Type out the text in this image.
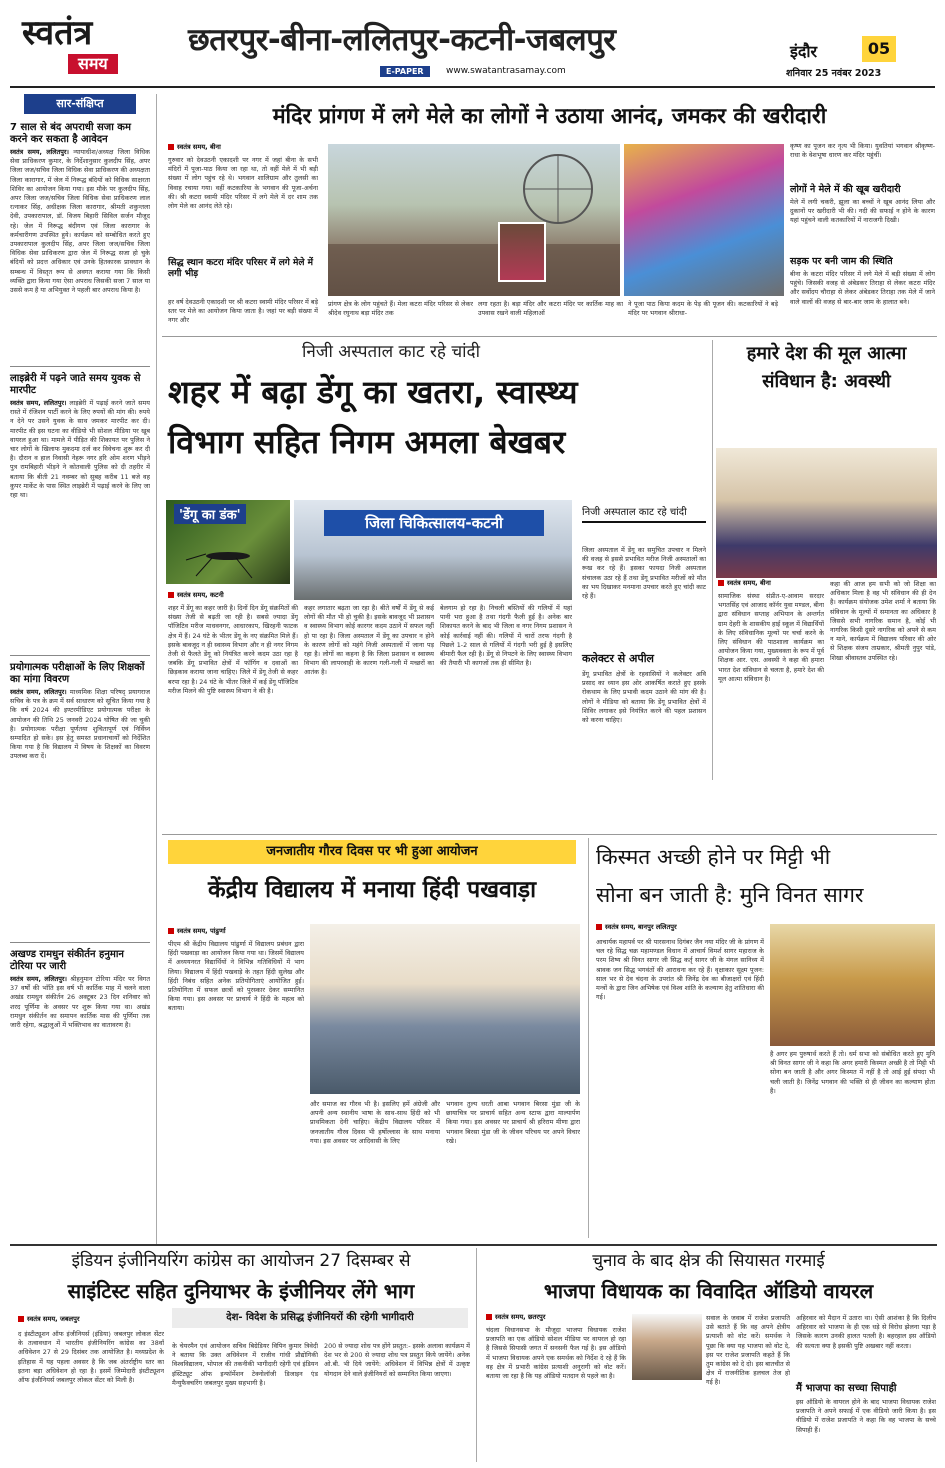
स्वतंत्र
समय
छतरपुर-बीना-ललितपुर-कटनी-जबलपुर
E-PAPER	www.swatantrasamay.com
इंदौर	05
शनिवार 25 नवंबर 2023
सार-संक्षिप्त
7 साल से बंद अपराधी सजा कम करने कर सकता है आवेदन
स्वतंत्र समय, ललितपुर। न्यायाधीश/अध्यक्ष जिला विधिक सेवा प्राधिकरण कुमार, के निर्देशानुसार कुलदीप सिंह, अपर जिला जज/सचिव जिला विधिक सेवा प्राधिकरण की अध्यक्षता जिला कारागार, में जेल में निरूद्ध बंदियों को विधिक साक्षरता शिविर का आयोजन किया गया। इस मौके पर कुलदीप सिंह, अपर जिला जज/सचिव जिला विधिक सेवा प्राधिकरण लाल रत्नाकर सिंह, अधीक्षक जिला कारागार, श्रीमती शकुन्तला देवी, उपकारापाल, डॉ. विजय बिहारी सिविल सर्जन मौजूद रहे। जेल में निरूद्ध बंदीगण एवं जिला कारागार के कर्मचारीगण उपस्थित हुये। कार्यक्रम को सम्बोधित करते हुए उपकारापाल कुलदीप सिंह, अपर जिला जज/सचिव जिला विधिक सेवा प्राधिकरण द्वारा जेल में निरूद्ध सजा हो चुके बंदियों को प्रदत्त अधिकार एवं उनके हितकारक प्रावधान के सम्बन्ध में विस्तृत रूप से अवगत कराया गया कि किसी व्यक्ति द्वारा किया गया ऐसा अपराध जिसकी सजा 7 साल या उससे कम है या अभियुक्त ने पहली बार अपराध किया है।
लाइब्रेरी में पढ़ने जाते समय युवक से मारपीट
स्वतंत्र समय, ललितपुर। लाइब्रेरी में पढ़ाई करने जाते समय रास्ते में रंजिशन पार्टी करने के लिए रुपयों की मांग की। रुपये न देने पर उसने युवक के साथ जमकर मारपीट कर दी। मारपीट की इस घटना का वीडियो भी सोशल मीडिया पर खूब वायरल हुआ था। मामले में पीड़ित की शिकायत पर पुलिस ने चार लोगों के खिलाफ मुकदमा दर्ज कर विवेचना शुरू कर दी है। दौरान व हाल निवासी नेहरू नगर हरि ओम शरण भीड़ने पुत्र रामबिहारी भीड़ने ने कोतवाली पुलिस को दी तहरीर में बताया कि बीती 21 नवम्बर को सुबह करीब 11 बजे वह कुपर मार्केट के पास स्थित लाइब्रेरी में पढ़ाई करने के लिए जा रहा था।
प्रयोगात्मक परीक्षाओं के लिए शिक्षकों का मांगा विवरण
स्वतंत्र समय, ललितपुर। माध्यमिक शिक्षा परिषद् प्रयागराज सचिव के पत्र के क्रम में सर्व साधारण को सूचित किया गया है कि वर्ष 2024 की इण्टरमीडिएट प्रयोगात्मक परीक्षा के आयोजन की तिथि 25 जनवरी 2024 घोषित की जा चुकी है। प्रयोगात्मक परीक्षा पूर्णतया शुचितापूर्ण एवं निर्विघ्न सम्पादित हो सके। इस हेतु समस्त प्रधानाचार्यों को निर्देशित किया गया है कि विद्यालय में विषय के शिक्षकों का विवरण उपलब्ध करा दें।
अखण्ड रामधुन संकीर्तन हनुमान टोरिया पर जारी
स्वतंत्र समय, ललितपुर। श्रीहनुमान टोरिया मंदिर पर विगत 37 वर्षों की भाँति इस वर्ष भी कार्तिक माह में चलने वाला अखंड रामधुन संकीर्तन 26 अक्टूबर 23 दिन शनिवार को शरद पूर्णिमा के अवसर पर शुरू किया गया था। अखंड रामधुन संकीर्तन का समापन कार्तिक मास की पूर्णिमा तक जारी रहेगा, श्रद्धालुओं में भक्तिभाव का वातावरण है।
मंदिर प्रांगण में लगे मेले का लोगों ने उठाया आनंद, जमकर की खरीदारी
स्वतंत्र समय, बीना
गुरुवार को देवउठनी एकादशी पर नगर में जहां बीना के सभी मंदिरों में पूजा-पाठ किया जा रहा था, तो वहीं मेले में भी बड़ी संख्या में लोग पहुंच रहे थे। भगवान शालिग्राम और तुलसी का विवाह रचाया गया। वहीं कटकारिया के भगवान की पूजा-अर्चना की। श्री कटरा स्वामी मंदिर परिसर में लगे मेले में दर शाम तक लोग मेले का आनंद लेते रहे।
सिद्ध स्थान कटरा मंदिर परिसर में लगे मेले में लगी भीड़
हर वर्ष देवउठनी एकादशी पर श्री कटरा स्वामी मंदिर परिसर में बड़े स्तर पर मेले का आयोजन किया जाता है। जहां पर बड़ी संख्या में नगर और
प्रांगण क्षेत्र के लोग पहुंचते हैं। मेला कटरा मंदिर परिसर से लेकर श्रीदेव रघुनाथ बड़ा मंदिर तक
लगा रहता है। बड़ा मंदिर और कटरा मंदिर पर कार्तिक माह का उपवास रखने वाली महिलाओं
ने पूजा पाठ किया कदम के पेड़ की पूजन की। कटकारियों ने बड़े मंदिर पर भगवान श्रीराधा-
कृष्ण का पूजन कर नृत्य भी किया। युवतियां भगवान श्रीकृष्ण-राधा के वेशभूषा धारण कर मंदिर पहुंचीं।
लोगों ने मेले में की खूब खरीदारी
मेले में लगी चकरी, झूला का बच्चों ने खूब आनंद लिया और दुकानों पर खरीदारी भी की। नदी की सफाई न होने के कारण यहां पहुंचने वाली कतकारियों में नाराजगी दिखी।
सड़क पर बनी जाम की स्थिति
बीना के कटरा मंदिर परिसर में लगे मेले में बड़ी संख्या में लोग पहुंचे। जिसकी वजह से अंबेडकर तिराहा से लेकर कटरा मंदिर और सर्वोदय चौराहा से लेकर अंबेडकर तिराहा तक मेले में जाने वाले वालों की वजह से बार-बार जाम के हालात बने।
निजी अस्पताल काट रहे चांदी
शहर में बढ़ा डेंगू का खतरा, स्वास्थ्य
विभाग सहित निगम अमला बेखबर
'डेंगू का डंक'	जिला चिकित्सालय-कटनी
स्वतंत्र समय, कटनी
शहर में डेंगू का कहर जारी है। दिनों दिन डेंगू संक्रमितों की संख्या तेजी से बढ़ती जा रही है। सबसे ज्यादा डेंगू पॉजिटिव मरीज माधवनगर, आधारकाप, खिरहनी फाटक क्षेत्र में हैं। 24 घंटे के भीतर डेंगू के नए संक्रमित मिले हैं। इसके बावजूद न ही स्वास्थ्य विभाग और न ही नगर निगम तेजी से फैलते डेंगू को नियंत्रित करने कदम उठा रहा है जबकि डेंगू प्रभावित क्षेत्रों में फॉगिंग व दवाओं का छिड़काव कराया जाना चाहिए। जिले में डेंगू तेजी से कहर बरपा रहा है। 24 घंटे के भीतर जिले में कई डेंगू पॉजिटिव मरीज मिलने की पुष्टि स्वास्थ्य विभाग ने की है।
कहर लगातार बढ़ता जा रहा है। बीते वर्षों में डेंगू से कई लोगों की मौत भी हो चुकी है। इसके बावजूद भी प्रशासन व स्वास्थ्य विभाग कोई कारगर कदम उठाने में सफल नहीं हो पा रहा है। जिला अस्पताल में डेंगू का उपचार न होने के कारण लोगों को महंगे निजी अस्पतालों में जाना पड़ रहा है। लोगों का कहना है कि जिला प्रशासन व स्वास्थ्य विभाग की लापरवाही के कारण गली-गली में मच्छरों का आतंक है।
बेलगाम हो रहा है। निचली बस्तियों की गलियों में यहां पानी भरा हुआ है तथा गंदगी फैली हुई है। अनेक बार शिकायत करने के बाद भी जिला व नगर निगम प्रशासन ने कोई कार्रवाई नहीं की। गलियों में चारों तरफ गंदगी है पिछले 1-2 साल से गलियों में गंदगी भरी हुई है इसलिए बीमारी फैल रही है। डेंगू से निपटने के लिए स्वास्थ्य विभाग की तैयारी भी कागजों तक ही सीमित है।
निजी अस्पताल काट रहे चांदी
जिला अस्पताल में डेंगू का समुचित उपचार न मिलने की वजह से इससे प्रभावित मरीज निजी अस्पतालों का रूख कर रहे हैं। इसका फायदा निजी अस्पताल संचालक उठा रहे हैं तथा डेंगू प्रभावित मरीजों को मौत का भय दिखाकर मनमाना उपचार करते हुए चांदी काट रहे हैं।
कलेक्टर से अपील
डेंगू प्रभावित क्षेत्रों के रहवासियों ने कलेक्टर अवि प्रसाद का ध्यान इस ओर आकर्षित कराते हुए इसके रोकथाम के लिए प्रभावी कदम उठाने की मांग की है। लोगों ने मीडिया को बताया कि डेंगू प्रभावित क्षेत्रों में शिविर लगाकर इसे नियंत्रित करने की पहल प्रशासन को करना चाहिए।
हमारे देश की मूल आत्मा
संविधान है: अवस्थी
स्वतंत्र समय, बीना
सामाजिक संस्था संप्रीत-ए-आवाम सरदार भगतसिंह एवं आजाद कॉर्नर युवा मण्डल, बीना द्वारा संविधान सप्ताह अभियान के अन्तर्गत ग्राम देहरी के शासकीय हाई स्कूल में विद्यार्थियों के लिए संविधानिक मूल्यों पर चर्चा करने के लिए संविधान की पाठशाला कार्यक्रम का आयोजन किया गया, मुख्यवक्ता के रूप में पूर्व शिक्षक आर. एस. अवस्थी ने कहा की हमारा भारत देश संविधान से चलता है, हमारे देश की मूल आत्मा संविधान है।
कहा की आज हम सभी को जो शिक्षा का अधिकार मिला है वह भी संविधान की ही देन है। कार्यक्रम संयोजक उमेश शर्मा ने बताया कि संविधान के मूल्यों में समानता का अधिकार है जिससे सभी नागरिक समान है, कोई भी नागरिक किसी दूसरे नागरिक को अपने से कम न माने, कार्यक्रम में विद्यालय परिवार की ओर से शिक्षक संजय ताम्रकार, श्रीमती नुपुर पांडे, शिखा श्रीवास्तव उपस्थित रहे।
जनजातीय गौरव दिवस पर भी हुआ आयोजन
केंद्रीय विद्यालय में मनाया हिंदी पखवाड़ा
स्वतंत्र समय, पांढुर्णा
पीएम श्री केंद्रीय विद्यालय पांढुर्णा में विद्यालय प्रबंधन द्वारा हिंदी पखवाड़ा का आयोजन किया गया था। जिसमें विद्यालय में अध्ययनरत विद्यार्थियों ने विभिन्न गतिविधियों में भाग लिया। विद्यालय में हिंदी पखवाड़े के तहत हिंदी सुलेख और हिंदी निबंध सहित अनेक प्रतियोगिताएं आयोजित हुई। प्रतियोगिता में सफल छात्रों को पुरस्कार देकर सम्मानित किया गया। इस अवसर पर प्राचार्य ने हिंदी के महत्व को बताया।
और समाज का गौरव भी है। इसलिए हमें अंग्रेजी और अपनी अन्य स्थानीय भाषा के साथ-साथ हिंदी को भी प्राथमिकता देनी चाहिए। केंद्रीय विद्यालय परिसर में जनजातीय गौरव दिवस भी हर्षोल्लास के साथ मनाया गया। इस अवसर पर आदिवासी के लिए
भगवान तुल्य धरती आबा भगवान बिरसा मुंडा जी के छायाचित्र पर प्राचार्य सहित अन्य स्टाफ द्वारा माल्यार्पण किया गया। इस अवसर पर प्राचार्य श्री हरिराम मीणा द्वारा भगवान बिरसा मुंडा जी के जीवन परिचय पर अपने विचार रखे।
किस्मत अच्छी होने पर मिट्टी भी
सोना बन जाती है: मुनि विनत सागर
स्वतंत्र समय, बानपुर ललितपुर
आचार्यक महापर्व पर श्री पारसनाथ दिगंबर जैन नया मंदिर जी के प्रांगण में चल रहे सिद्ध चक्र महामण्डल विधान में आचार्य विमर्श सागर महाराज के परम शिष्य श्री विनत सागर जी सिद्ध कर्तृ सागर जी के मंगल सानिध्य में श्रावक जन सिद्ध भगवंतों की आराधना कर रहे हैं। वृक्षाकार सूक्ष्म पूजन: साल भर से देव चंदना के उपरांत श्री जिनेंद्र देव का बीजाक्षरों एवं हिंदी मन्त्रों के द्वारा जिन अभिषेक एवं विश्व शांति के कल्याण हेतु शांतिधारा की गई।
है अगर हम पुरुषार्थ करते हैं तो। धर्म सभा को संबोधित करते हुए मुनि श्री विनत सागर जी ने कहा कि अगर हमारी किस्मत अच्छी है तो मिट्टी भी सोना बन जाती है और अगर किस्मत में नहीं है तो आई हुई संपदा भी चली जाती है। जिनेंद्र भगवान की भक्ति से ही जीवन का कल्याण होता है।
इंडियन इंजीनियरिंग कांग्रेस का आयोजन 27 दिसम्बर से
साइंटिस्ट सहित दुनियाभर के इंजीनियर लेंगे भाग
स्वतंत्र समय, जबलपुर	देश- विदेश के प्रसिद्ध इंजीनियरों की रहेगी भागीदारी
द इंस्टीट्यूशन ऑफ इंजीनियर्स (इंडिया) जबलपुर लोकल सेंटर के तत्वावधान में भारतीय इंजीनियरिंग कांग्रेस का 38वाँ अधिवेशन 27 से 29 दिसंबर तक आयोजित है। मध्यप्रदेश के इतिहास में यह पहला अवसर है कि जब अंतर्राष्ट्रीय स्तर का इतना बड़ा अधिवेशन हो रहा है। इसमें जिम्मेदारी इंस्टीट्यूशन ऑफ इंजीनियर्स जबलपुर लोकल सेंटर को मिली है।
के चेयरमैन एवं आयोजन सचिव बिग्रेडियर विपिन कुमार त्रिवेदी ने बताया कि उक्त अधिवेशन में राजीव गांधी प्रौद्योगिकी विश्वविद्यालय, भोपाल की तकनीकी भागीदारी रहेगी एवं इंडियन इंस्टिट्यूट ऑफ इन्फॉर्मेशन टेक्नोलॉजी डिजाइन एंड मैन्युफैक्चरिंग जबलपुर मुख्य सहभागी है।
200 से ज्यादा शोध पत्र होंगे प्रस्तुत:- इसके अलावा कार्यक्रम में देश भर से 200 से ज्यादा शोध पत्र प्रस्तुत किये जायेंगे। अनेक ओ.बी. भी दिये जायेंगे: अधिवेशन में विभिन्न क्षेत्रों में उत्कृष्ट योगदान देने वाले इंजीनियरों को सम्मानित किया जाएगा।
चुनाव के बाद क्षेत्र की सियासत गरमाई
भाजपा विधायक का विवादित ऑडियो वायरल
स्वतंत्र समय, छतरपुर
चंदला विधानसभा के मौजूदा भाजपा विधायक राजेश प्रजापति का एक ऑडियो सोशल मीडिया पर वायरल हो रहा है जिससे सियासी जगत में सनसनी फैल गई है। इस ऑडियो में भाजपा विधायक अपने एक समर्थक को निर्देश दे रहे हैं कि वह क्षेत्र में प्रभारी कांग्रेस प्रत्याशी अनुरागी को वोट करें। बताया जा रहा है कि यह ऑडियो मतदान से पहले का है।
सवाल के जवाब में राजेश प्रजापति उसे बताते हैं कि वह अपने क्षेत्रीय प्रत्याशी को वोट करें। समर्थक ने पूछा कि क्या यह भाजपा को वोट दे, इस पर राजेश प्रजापति कहते हैं कि तुम कांग्रेस को दे दो। इस बातचीत से क्षेत्र में राजनीतिक हलचल तेज हो गई है।
अहिरवार को मैदान में उतारा था। ऐसी आशंका है कि दिलीप अहिरवार को भाजपा के ही एक धड़े से विरोध झेलना पड़ा है जिसके कारण उनकी हालत पतली है। बहरहाल इस ऑडियो की सत्यता क्या है इसकी पुष्टि अखबार नहीं करता।
मैं भाजपा का सच्चा सिपाही
इस ऑडियो के वायरल होने के बाद भाजपा विधायक राजेश प्रजापति ने अपने सफाई में एक वीडियो जारी किया है। इस वीडियो में राजेश प्रजापति ने कहा कि वह भाजपा के सच्चे सिपाही हैं।
